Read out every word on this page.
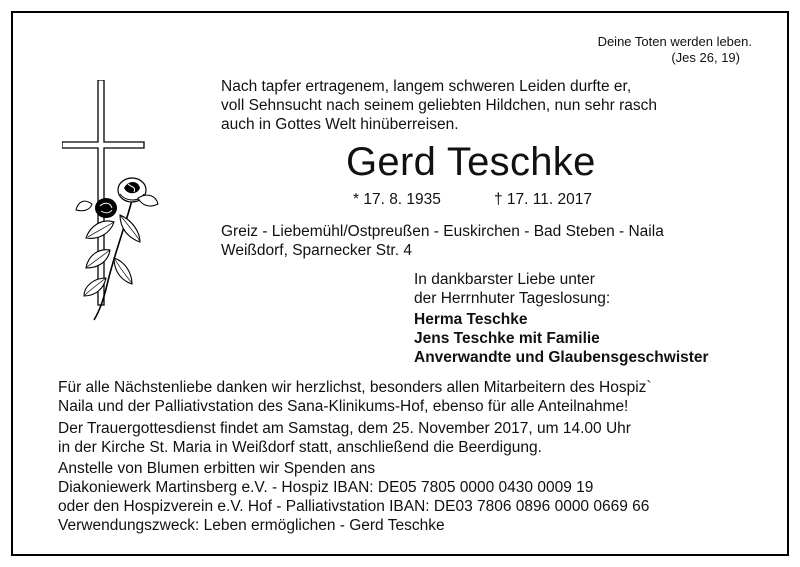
Deine Toten werden leben.
(Jes 26, 19)
Nach tapfer ertragenem, langem schweren Leiden durfte er,
voll Sehnsucht nach seinem geliebten Hildchen, nun sehr rasch
auch in Gottes Welt hinüberreisen.
Gerd Teschke
* 17. 8. 1935	† 17. 11. 2017
Greiz - Liebemühl/Ostpreußen - Euskirchen - Bad Steben - Naila
Weißdorf, Sparnecker Str. 4
In dankbarster Liebe unter
der Herrnhuter Tageslosung:
Herma Teschke
Jens Teschke mit Familie
Anverwandte und Glaubensgeschwister
Für alle Nächstenliebe danken wir herzlichst, besonders allen Mitarbeitern des Hospiz`
Naila und der Palliativstation des Sana-Klinikums-Hof, ebenso für alle Anteilnahme!
Der Trauergottesdienst findet am Samstag, dem 25. November 2017, um 14.00 Uhr
in der Kirche St. Maria in Weißdorf statt, anschließend die Beerdigung.
Anstelle von Blumen erbitten wir Spenden ans
Diakoniewerk Martinsberg e.V. - Hospiz IBAN: DE05 7805 0000 0430 0009 19
oder den Hospizverein e.V. Hof - Palliativstation IBAN: DE03 7806 0896 0000 0669 66
Verwendungszweck: Leben ermöglichen - Gerd Teschke
